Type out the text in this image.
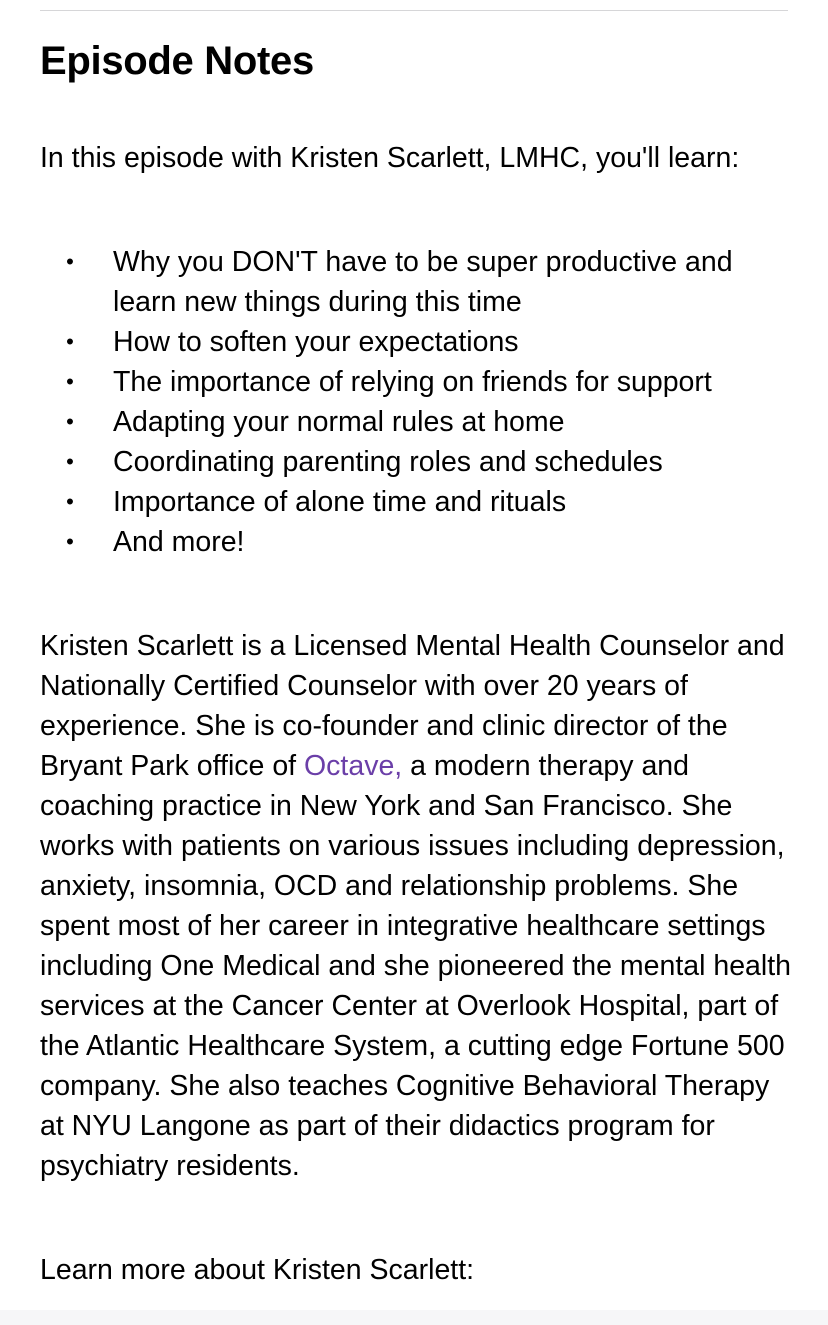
Episode Notes

In this episode with Kristen Scarlett, LMHC, you'll learn:

• Why you DON'T have to be super productive and learn new things during this time
• How to soften your expectations
• The importance of relying on friends for support
• Adapting your normal rules at home
• Coordinating parenting roles and schedules
• Importance of alone time and rituals
• And more!

Kristen Scarlett is a Licensed Mental Health Counselor and Nationally Certified Counselor with over 20 years of experience. She is co-founder and clinic director of the Bryant Park office of Octave, a modern therapy and coaching practice in New York and San Francisco. She works with patients on various issues including depression, anxiety, insomnia, OCD and relationship problems. She spent most of her career in integrative healthcare settings including One Medical and she pioneered the mental health services at the Cancer Center at Overlook Hospital, part of the Atlantic Healthcare System, a cutting edge Fortune 500 company. She also teaches Cognitive Behavioral Therapy at NYU Langone as part of their didactics program for psychiatry residents.

Learn more about Kristen Scarlett:
